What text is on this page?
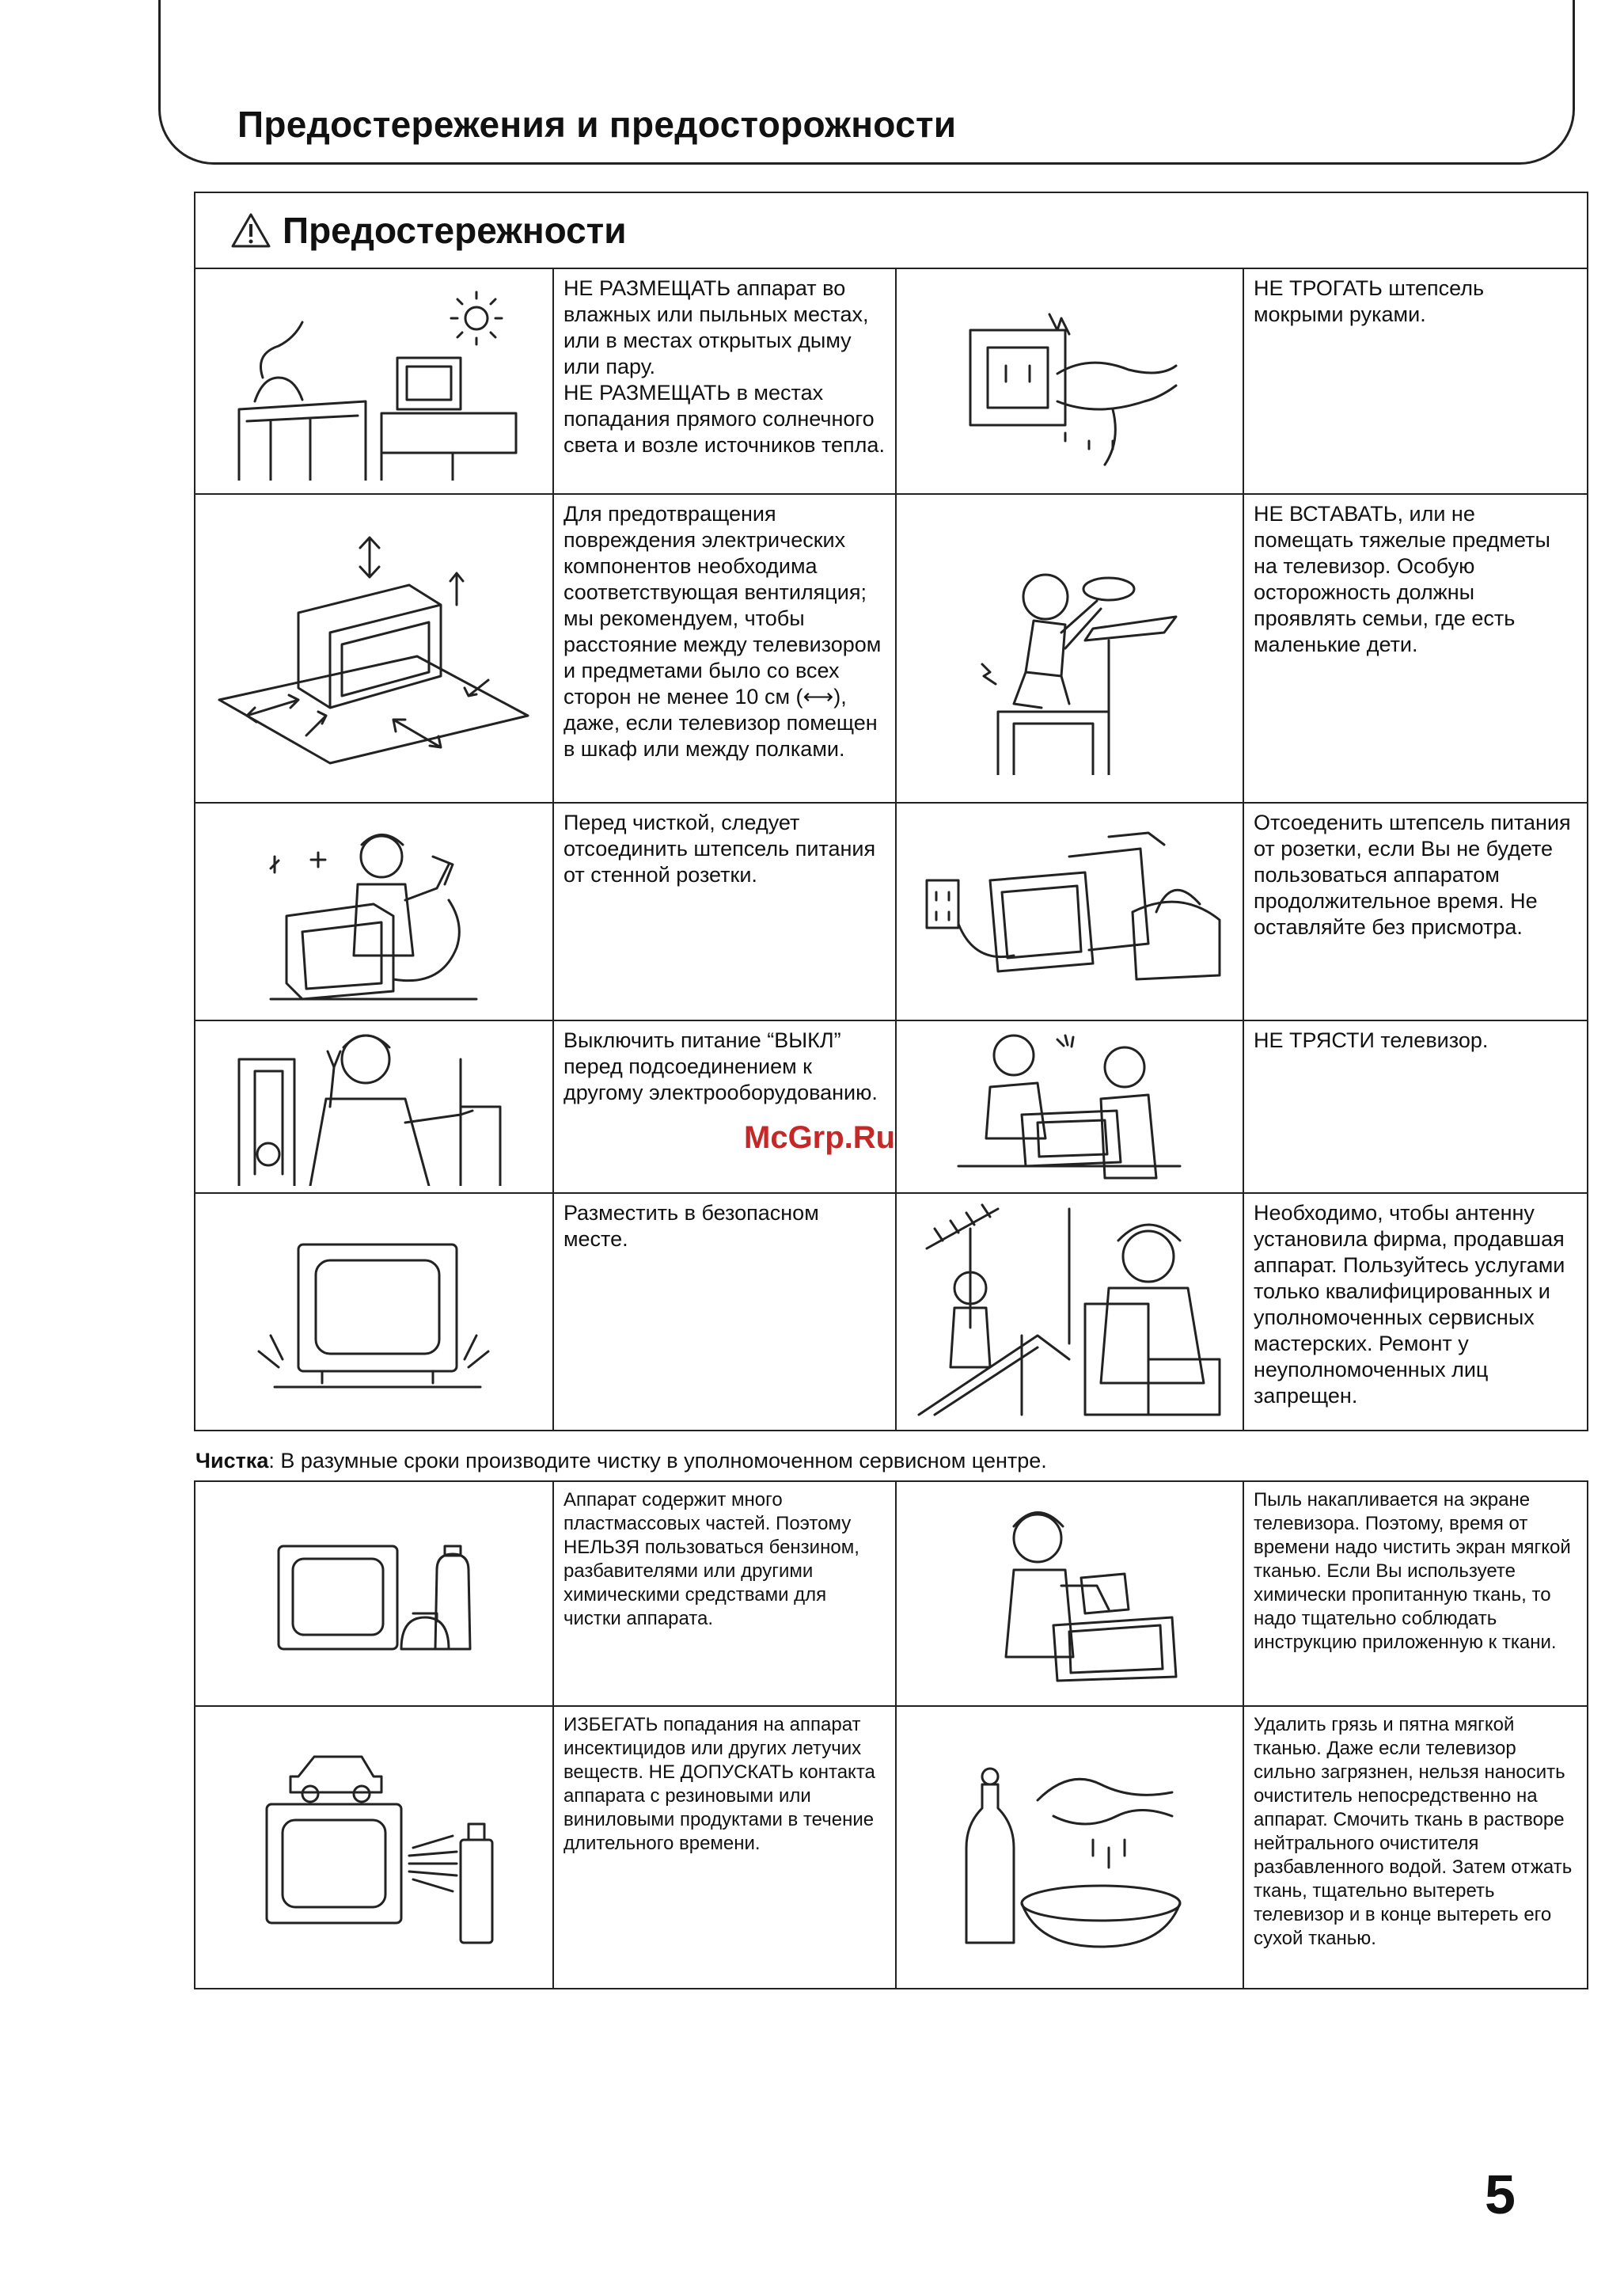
Предостережения и предосторожности
Предостережности
НЕ РАЗМЕЩАТЬ аппарат во влажных или пыльных местах, или в местах открытых дыму или пару.
НЕ РАЗМЕЩАТЬ в местах попадания прямого солнечного света и возле источников тепла.
НЕ ТРОГАТЬ штепсель мокрыми руками.
Для предотвращения повреждения электрических компонентов необходима соответствующая вентиляция; мы рекомендуем, чтобы расстояние между телевизором и предметами было со всех сторон не менее 10 см (⟷), даже, если телевизор помещен в шкаф или между полками.
НЕ ВСТАВАТЬ, или не помещать тяжелые предметы на телевизор. Особую осторожность должны проявлять семьи, где есть маленькие дети.
Перед чисткой, следует отсоединить штепсель питания от стенной розетки.
Отсоеденить штепсель питания от розетки, если Вы не будете пользоваться аппаратом продолжительное время. Не оставляйте без присмотра.
Выключить питание “ВЫКЛ” перед подсоединением к другому электрооборудованию.
НЕ ТРЯСТИ телевизор.
Разместить в безопасном месте.
Необходимо, чтобы антенну установила фирма, продавшая аппарат. Пользуйтесь услугами только квалифицированных и уполномоченных сервисных мастерских. Ремонт у неуполномоченных лиц запрещен.
Чистка: В разумные сроки производите чистку в уполномоченном сервисном центре.
Аппарат содержит много пластмассовых частей. Поэтому НЕЛЬЗЯ пользоваться бензином, разбавителями или другими химическими средствами для чистки аппарата.
Пыль накапливается на экране телевизора. Поэтому, время от времени надо чистить экран мягкой тканью. Если Вы используете химически пропитанную ткань, то надо тщательно соблюдать инструкцию приложенную к ткани.
ИЗБЕГАТЬ попадания на аппарат инсектицидов или других летучих веществ. НЕ ДОПУСКАТЬ контакта аппарата с резиновыми или виниловыми продуктами в течение длительного времени.
Удалить грязь и пятна мягкой тканью. Даже если телевизор сильно загрязнен, нельзя наносить очиститель непосредственно на аппарат. Смочить ткань в растворе нейтрального очистителя разбавленного водой. Затем отжать ткань, тщательно вытереть телевизор и в конце вытереть его сухой тканью.
McGrp.Ru
5
